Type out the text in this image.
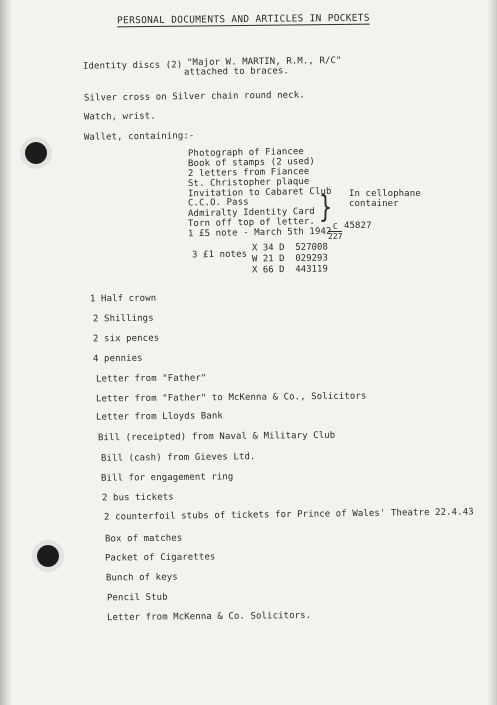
PERSONAL DOCUMENTS AND ARTICLES IN POCKETS
Identity discs (2) "Major W. MARTIN, R.M., R/C"
attached to braces.
Silver cross on Silver chain round neck.
Watch, wrist.
Wallet, containing:-
Photograph of Fiancee
Book of stamps (2 used)
2 letters from Fiancee
St. Christopher plaque
Invitation to Cabaret Club
C.C.O. Pass
Admiralty Identity Card
Torn off top of letter.
1 £5 note - March 5th 1942
} In cellophane
container
$\frac{C}{227} 45827$
3 £1 notes
X 34 D  527008
W 21 D  029293
X 66 D  443119
1 Half crown
2 Shillings
2 six pences
4 pennies
Letter from "Father"
Letter from "Father" to McKenna & Co., Solicitors
Letter from Lloyds Bank
Bill (receipted) from Naval & Military Club
Bill (cash) from Gieves Ltd.
Bill for engagement ring
2 bus tickets
2 counterfoil stubs of tickets for Prince of Wales' Theatre 22.4.43
Box of matches
Packet of Cigarettes
Bunch of keys
Pencil Stub
Letter from McKenna & Co. Solicitors.
